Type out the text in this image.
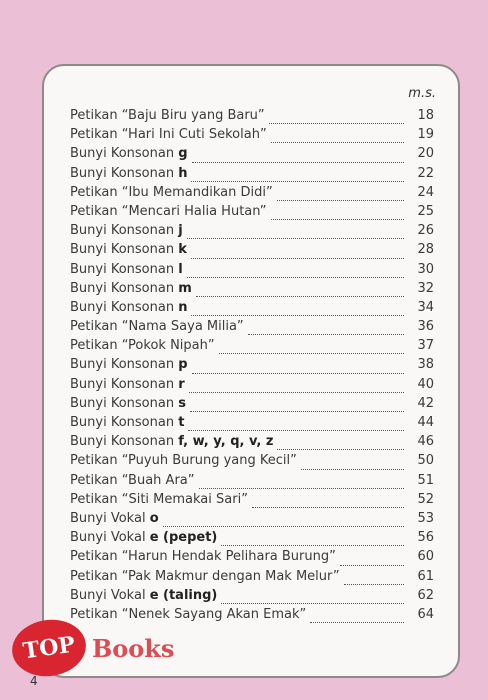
m.s.
Petikan “Baju Biru yang Baru”	18
Petikan “Hari Ini Cuti Sekolah”	19
Bunyi Konsonan g	20
Bunyi Konsonan h	22
Petikan “Ibu Memandikan Didi”	24
Petikan “Mencari Halia Hutan”	25
Bunyi Konsonan j	26
Bunyi Konsonan k	28
Bunyi Konsonan l	30
Bunyi Konsonan m	32
Bunyi Konsonan n	34
Petikan “Nama Saya Milia”	36
Petikan “Pokok Nipah”	37
Bunyi Konsonan p	38
Bunyi Konsonan r	40
Bunyi Konsonan s	42
Bunyi Konsonan t	44
Bunyi Konsonan f, w, y, q, v, z	46
Petikan “Puyuh Burung yang Kecil”	50
Petikan “Buah Ara”	51
Petikan “Siti Memakai Sari”	52
Bunyi Vokal o	53
Bunyi Vokal e (pepet)	56
Petikan “Harun Hendak Pelihara Burung”	60
Petikan “Pak Makmur dengan Mak Melur”	61
Bunyi Vokal e (taling)	62
Petikan “Nenek Sayang Akan Emak”	64
4
TOP Books
